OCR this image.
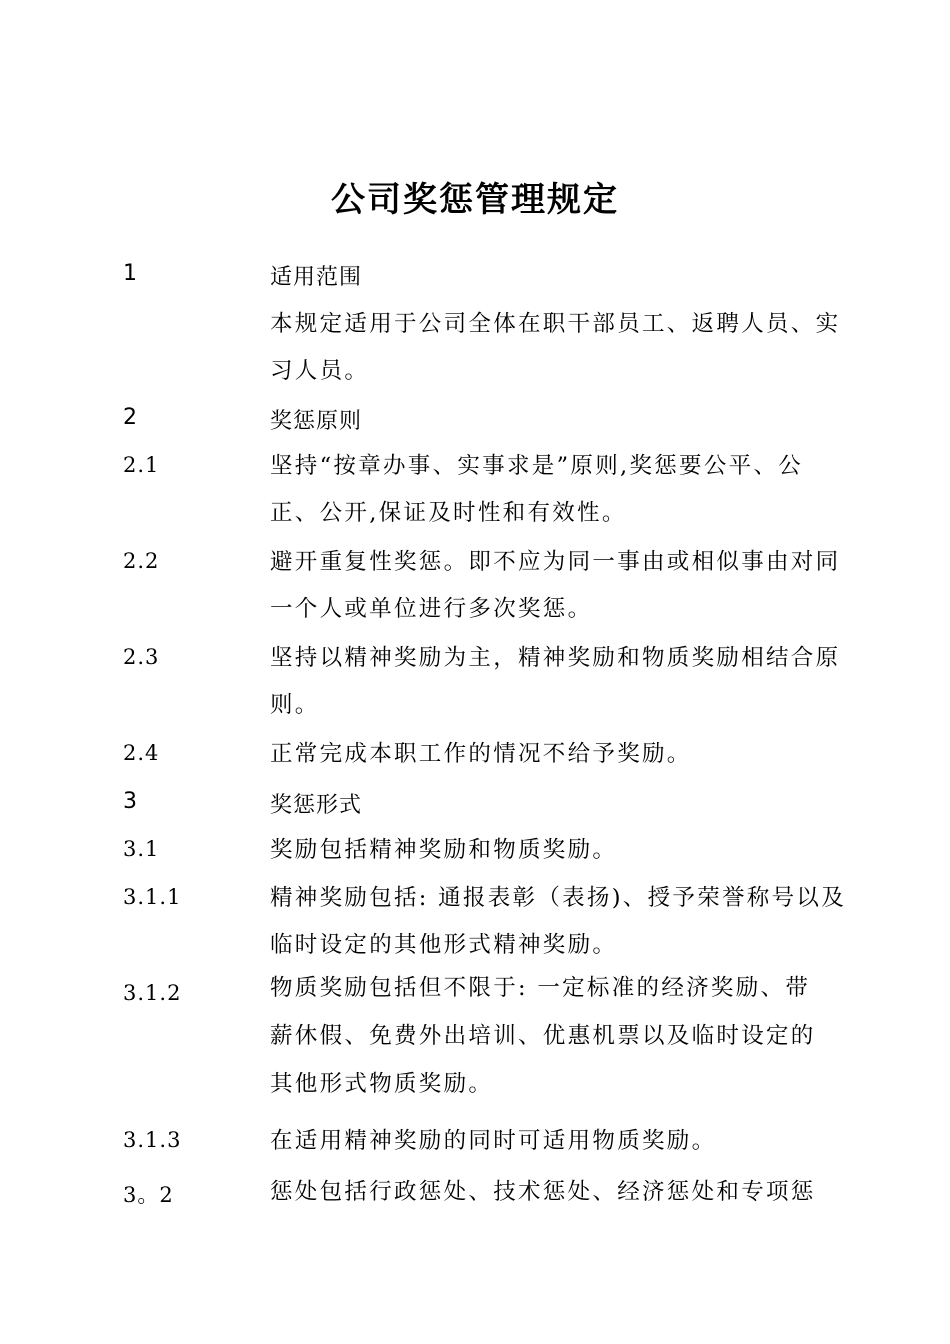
公司奖惩管理规定
1	适用范围
本规定适用于公司全体在职干部员工、返聘人员、实习人员。
2	奖惩原则
2.1	坚持“按章办事、实事求是”原则,奖惩要公平、公正、公开,保证及时性和有效性。
2.2	避开重复性奖惩。即不应为同一事由或相似事由对同一个人或单位进行多次奖惩。
2.3	坚持以精神奖励为主，精神奖励和物质奖励相结合原则。
2.4	正常完成本职工作的情况不给予奖励。
3	奖惩形式
3.1	奖励包括精神奖励和物质奖励。
3.1.1	精神奖励包括: 通报表彰（表扬)、授予荣誉称号以及临时设定的其他形式精神奖励。
3.1.2	物质奖励包括但不限于: 一定标准的经济奖励、带薪休假、免费外出培训、优惠机票以及临时设定的其他形式物质奖励。
3.1.3	在适用精神奖励的同时可适用物质奖励。
3。2	惩处包括行政惩处、技术惩处、经济惩处和专项惩
